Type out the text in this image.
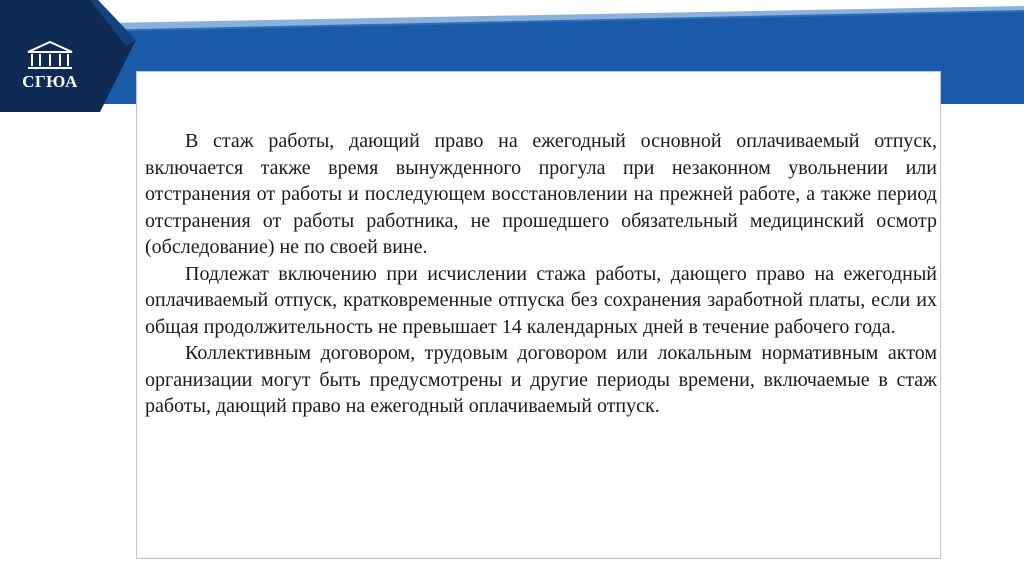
СГЮА

В стаж работы, дающий право на ежегодный основной оплачиваемый отпуск, включается также время вынужденного прогула при незаконном увольнении или отстранения от работы и последующем восстановлении на прежней работе, а также период отстранения от работы работника, не прошедшего обязательный медицинский осмотр (обследование) не по своей вине.

Подлежат включению при исчислении стажа работы, дающего право на ежегодный оплачиваемый отпуск, кратковременные отпуска без сохранения заработной платы, если их общая продолжительность не превышает 14 календарных дней в течение рабочего года.

Коллективным договором, трудовым договором или локальным нормативным актом организации могут быть предусмотрены и другие периоды времени, включаемые в стаж работы, дающий право на ежегодный оплачиваемый отпуск.
